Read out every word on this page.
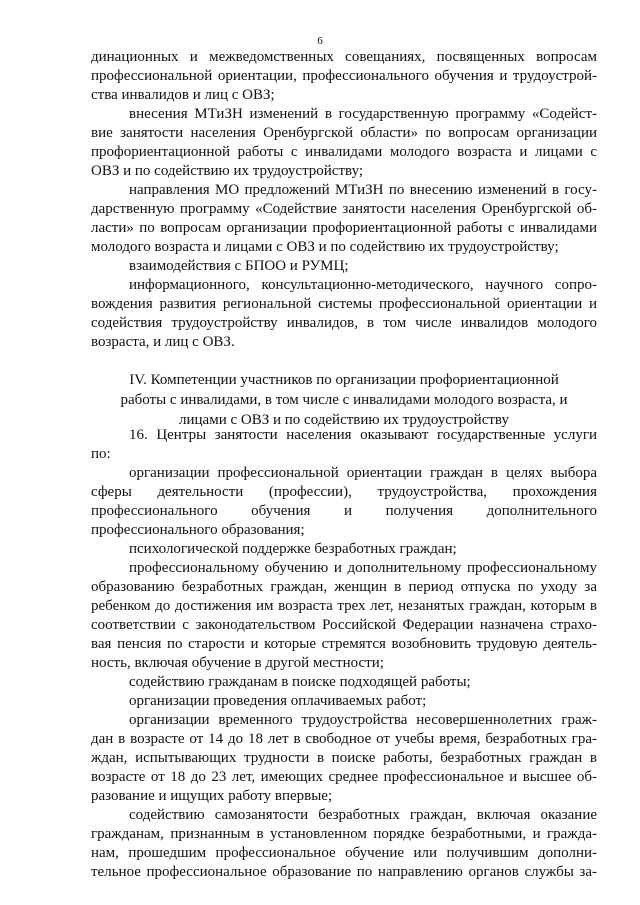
6
динационных и межведомственных совещаниях, посвященных вопросам
профессиональной ориентации, профессионального обучения и трудоустрой-
ства инвалидов и лиц с ОВЗ;
внесения МТиЗН изменений в государственную программу «Содейст-
вие занятости населения Оренбургской области» по вопросам организации
профориентационной работы с инвалидами молодого возраста и лицами с
ОВЗ и по содействию их трудоустройству;
направления МО предложений МТиЗН по внесению изменений в госу-
дарственную программу «Содействие занятости населения Оренбургской об-
ласти» по вопросам организации профориентационной работы с инвалидами
молодого возраста и лицами с ОВЗ и по содействию их трудоустройству;
взаимодействия с БПОО и РУМЦ;
информационного, консультационно-методического, научного сопро-
вождения развития региональной системы профессиональной ориентации и
содействия трудоустройству инвалидов, в том числе инвалидов молодого
возраста, и лиц с ОВЗ.
IV. Компетенции участников по организации профориентационной
работы с инвалидами, в том числе с инвалидами молодого возраста, и
лицами с ОВЗ и по содействию их трудоустройству
16. Центры занятости населения оказывают государственные услуги
по:
организации профессиональной ориентации граждан в целях выбора
сферы деятельности (профессии), трудоустройства, прохождения
профессионального обучения и получения дополнительного
профессионального образования;
психологической поддержке безработных граждан;
профессиональному обучению и дополнительному профессиональному
образованию безработных граждан, женщин в период отпуска по уходу за
ребенком до достижения им возраста трех лет, незанятых граждан, которым в
соответствии с законодательством Российской Федерации назначена страхо-
вая пенсия по старости и которые стремятся возобновить трудовую деятель-
ность, включая обучение в другой местности;
содействию гражданам в поиске подходящей работы;
организации проведения оплачиваемых работ;
организации временного трудоустройства несовершеннолетних граж-
дан в возрасте от 14 до 18 лет в свободное от учебы время, безработных гра-
ждан, испытывающих трудности в поиске работы, безработных граждан в
возрасте от 18 до 23 лет, имеющих среднее профессиональное и высшее об-
разование и ищущих работу впервые;
содействию самозанятости безработных граждан, включая оказание
гражданам, признанным в установленном порядке безработными, и гражда-
нам, прошедшим профессиональное обучение или получившим дополни-
тельное профессиональное образование по направлению органов службы за-
